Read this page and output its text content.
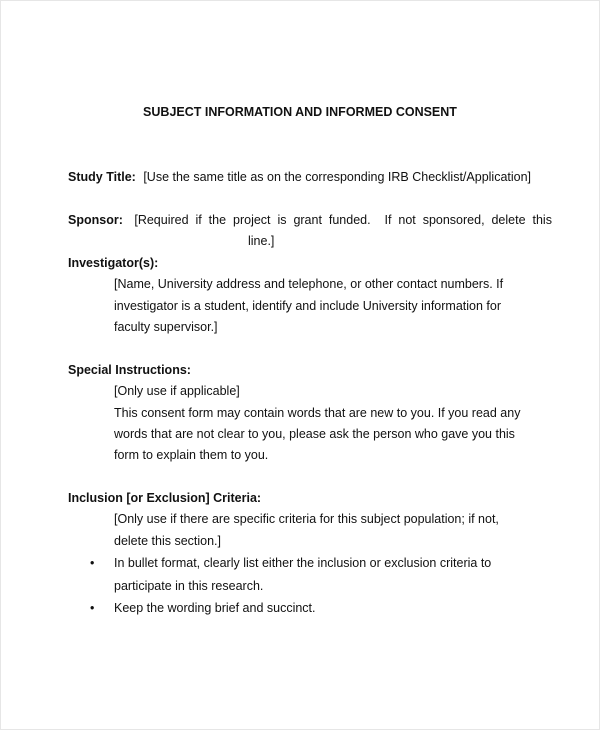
SUBJECT INFORMATION AND INFORMED CONSENT
Study Title: [Use the same title as on the corresponding IRB Checklist/Application]
Sponsor: [Required  if  the  project  is  grant  funded.    If  not  sponsored,  delete  this
line.]
Investigator(s):
[Name, University address and telephone, or other contact numbers. If
investigator is a student, identify and include University information for
faculty supervisor.]
Special Instructions:
[Only use if applicable]
This consent form may contain words that are new to you. If you read any
words that are not clear to you, please ask the person who gave you this
form to explain them to you.
Inclusion [or Exclusion] Criteria:
[Only use if there are specific criteria for this subject population; if not,
delete this section.]
• In bullet format, clearly list either the inclusion or exclusion criteria to
participate in this research.
• Keep the wording brief and succinct.
